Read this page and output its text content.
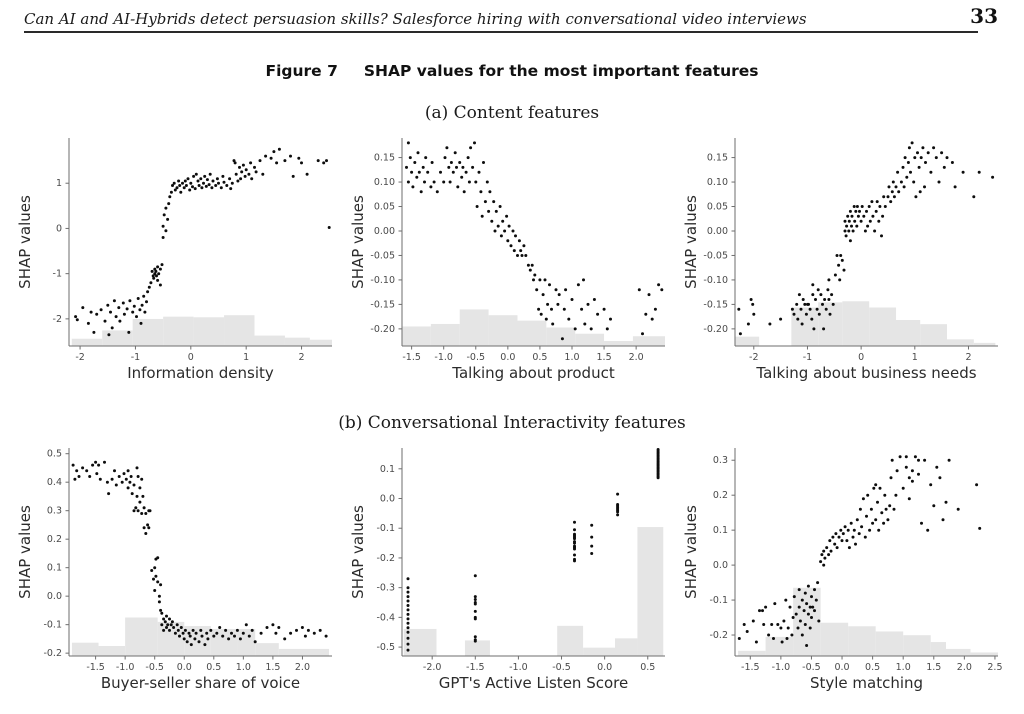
Can AI and AI-Hybrids detect persuasion skills? Salesforce hiring with conversational video interviews	33
Figure 7 SHAP values for the most important features
(a) Content features
-2	-1	0	1	2
Information density
-2
-1
0
1
SHAP values
-1.5 -1.0 -0.5 0.0 0.5 1.0 1.5 2.0
Talking about product
-0.20
-0.15
-0.10
-0.05
0.00
0.05
0.10
0.15
SHAP values
-2	-1	0	1	2
Talking about business needs
-0.20
-0.15
-0.10
-0.05
0.00
0.05
0.10
0.15
SHAP values
(b) Conversational Interactivity features
-1.5 -1.0 -0.5 0.0 0.5 1.0 1.5 2.0
Buyer-seller share of voice
-0.2
-0.1
0.0
0.1
0.2
0.3
0.4
0.5
SHAP values
-2.0	-1.5	-1.0	-0.5	0.0	0.5
GPT's Active Listen Score
-0.5
-0.4
-0.3
-0.2
-0.1
0.0
0.1
SHAP values
-1.5 -1.0 -0.5 0.0 0.5 1.0 1.5 2.0 2.5
Style matching
-0.2
-0.1
0.0
0.1
0.2
0.3
SHAP values
